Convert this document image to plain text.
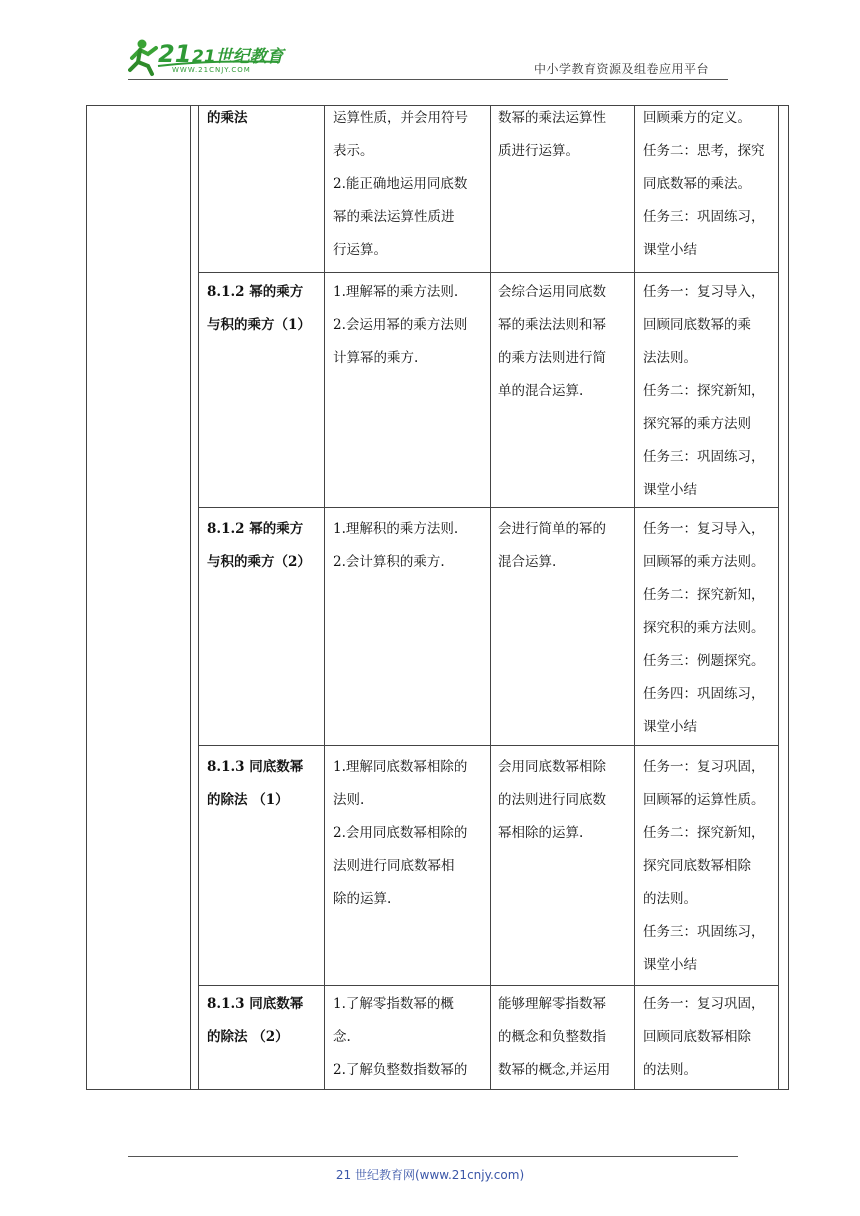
21 21世纪教育
WWW.21CNJY.COM	中小学教育资源及组卷应用平台
的乘法	运算性质，并会用符号
表示。
2.能正确地运用同底数
幂的乘法运算性质进
行运算。
数幂的乘法运算性
质进行运算。
回顾乘方的定义。
任务二：思考，探究
同底数幂的乘法。
任务三：巩固练习，
课堂小结
8.1.2 幂的乘方
与积的乘方（1）
1.理解幂的乘方法则.
2.会运用幂的乘方法则
计算幂的乘方.
会综合运用同底数
幂的乘法法则和幂
的乘方法则进行简
单的混合运算.
任务一：复习导入，
回顾同底数幂的乘
法法则。
任务二：探究新知，
探究幂的乘方法则
任务三：巩固练习，
课堂小结
8.1.2 幂的乘方
与积的乘方（2）
1.理解积的乘方法则.
2.会计算积的乘方.
会进行简单的幂的
混合运算.
任务一：复习导入，
回顾幂的乘方法则。
任务二：探究新知，
探究积的乘方法则。
任务三：例题探究。
任务四：巩固练习，
课堂小结
8.1.3 同底数幂
的除法 （1）
1.理解同底数幂相除的
法则.
2.会用同底数幂相除的
法则进行同底数幂相
除的运算.
会用同底数幂相除
的法则进行同底数
幂相除的运算.
任务一：复习巩固，
回顾幂的运算性质。
任务二：探究新知，
探究同底数幂相除
的法则。
任务三：巩固练习，
课堂小结
8.1.3 同底数幂
的除法 （2）
1.了解零指数幂的概
念.
2.了解负整数指数幂的
能够理解零指数幂
的概念和负整数指
数幂的概念,并运用
任务一：复习巩固，
回顾同底数幂相除
的法则。
21 世纪教育网(www.21cnjy.com)
